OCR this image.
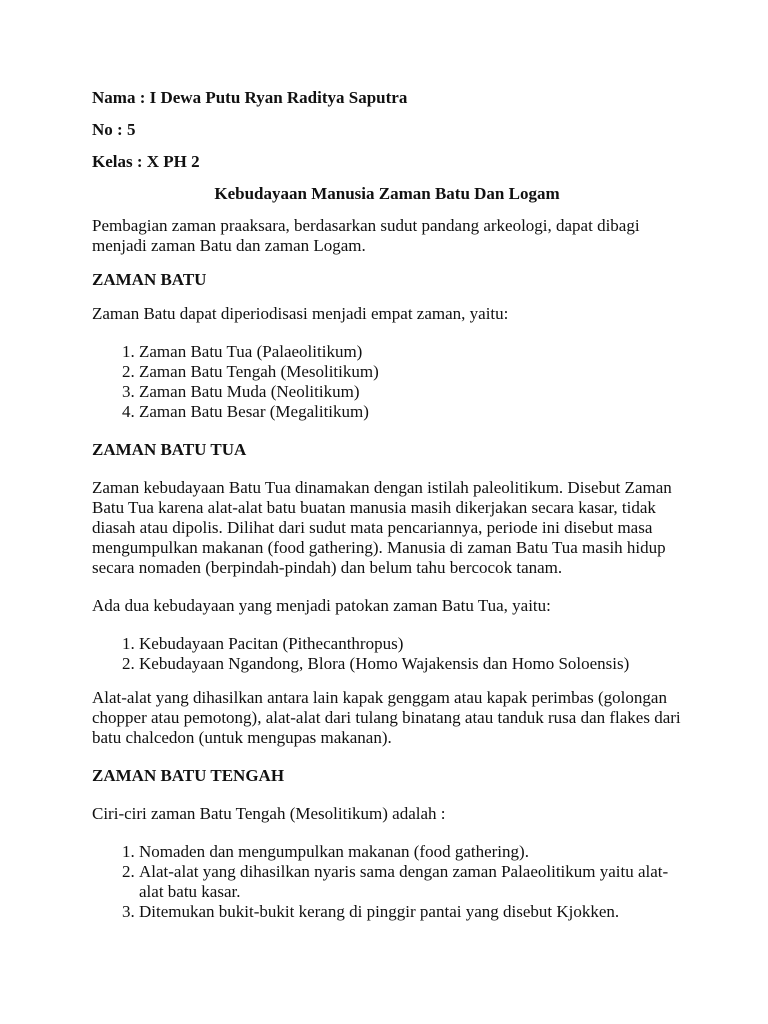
Nama : I Dewa Putu Ryan Raditya Saputra

No : 5

Kelas : X PH 2

Kebudayaan Manusia Zaman Batu Dan Logam

Pembagian zaman praaksara, berdasarkan sudut pandang arkeologi, dapat dibagi menjadi zaman Batu dan zaman Logam.

ZAMAN BATU

Zaman Batu dapat diperiodisasi menjadi empat zaman, yaitu:

1. Zaman Batu Tua (Palaeolitikum)
2. Zaman Batu Tengah (Mesolitikum)
3. Zaman Batu Muda (Neolitikum)
4. Zaman Batu Besar (Megalitikum)

ZAMAN BATU TUA

Zaman kebudayaan Batu Tua dinamakan dengan istilah paleolitikum. Disebut Zaman Batu Tua karena alat-alat batu buatan manusia masih dikerjakan secara kasar, tidak diasah atau dipolis. Dilihat dari sudut mata pencariannya, periode ini disebut masa mengumpulkan makanan (food gathering). Manusia di zaman Batu Tua masih hidup secara nomaden (berpindah-pindah) dan belum tahu bercocok tanam.

Ada dua kebudayaan yang menjadi patokan zaman Batu Tua, yaitu:

1. Kebudayaan Pacitan (Pithecanthropus)
2. Kebudayaan Ngandong, Blora (Homo Wajakensis dan Homo Soloensis)

Alat-alat yang dihasilkan antara lain kapak genggam atau kapak perimbas (golongan chopper atau pemotong), alat-alat dari tulang binatang atau tanduk rusa dan flakes dari batu chalcedon (untuk mengupas makanan).

ZAMAN BATU TENGAH

Ciri-ciri zaman Batu Tengah (Mesolitikum) adalah :

1. Nomaden dan mengumpulkan makanan (food gathering).
2. Alat-alat yang dihasilkan nyaris sama dengan zaman Palaeolitikum yaitu alat-alat batu kasar.
3. Ditemukan bukit-bukit kerang di pinggir pantai yang disebut Kjokken.
